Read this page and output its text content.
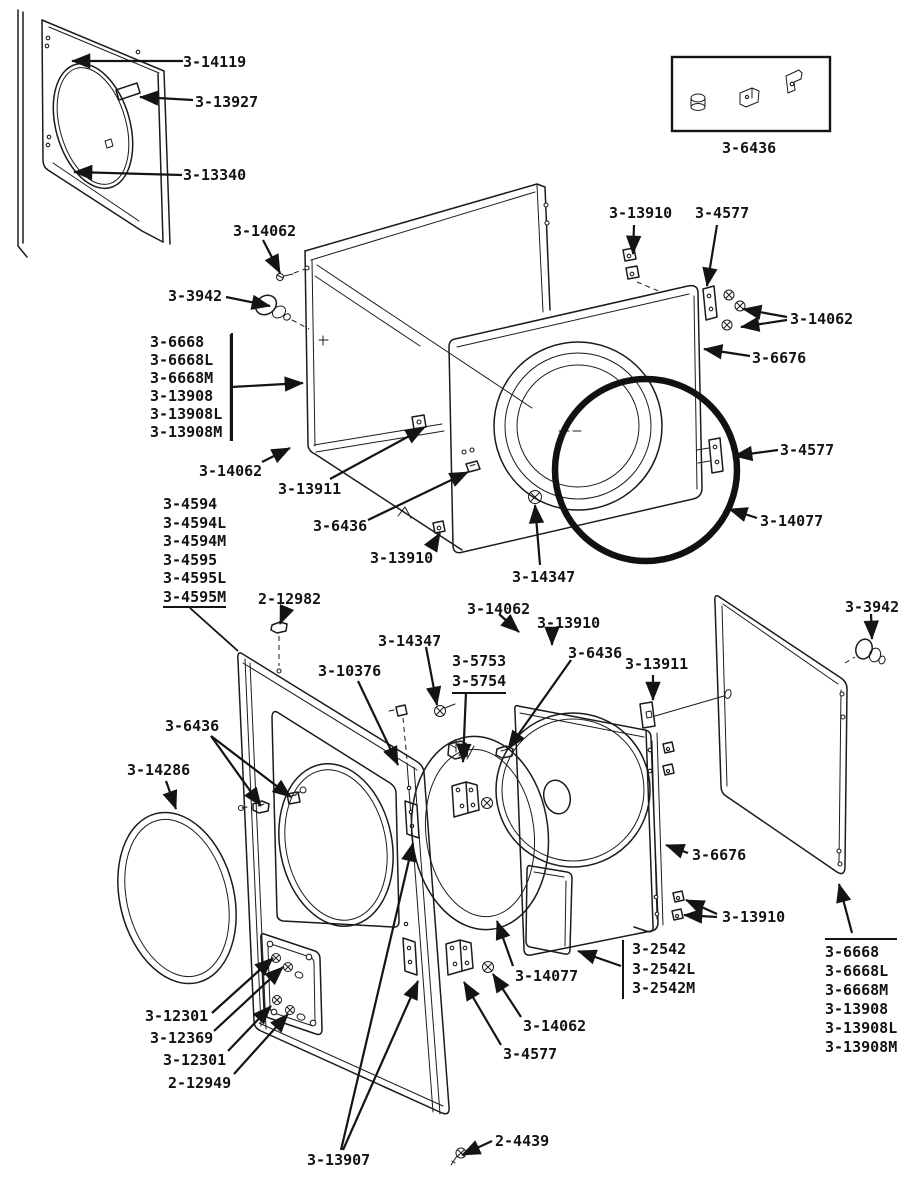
3-6436
3-14119
3-13927
3-13340
3-14062
3-13910 3-4577
3-3942
3-14062
3-6676
3-14062
3-13911
3-6436
3-13910
3-4577
3-14077
3-14347
2-12982
3-14062
3-13910
3-14347
3-6436
3-13911
3-3942
3-10376
3-6436
3-14286
3-6676
3-13910
3-14077
3-12301
3-12369
3-12301
2-12949
3-14062
3-4577
2-4439
3-13907
3-6668
3-6668L
3-6668M
3-13908
3-13908L
3-13908M
3-4594
3-4594L
3-4594M
3-4595
3-4595L
3-4595M
3-5753
3-5754
3-2542
3-2542L
3-2542M
3-6668
3-6668L
3-6668M
3-13908
3-13908L
3-13908M
